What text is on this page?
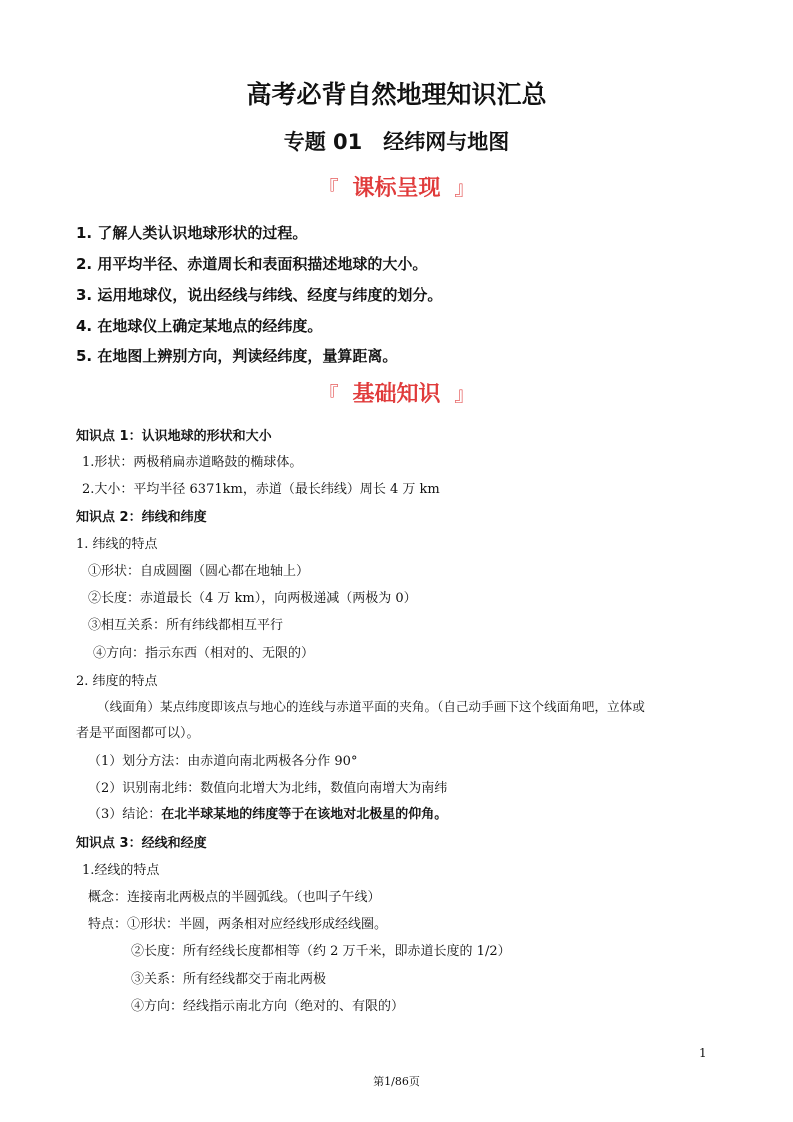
高考必背自然地理知识汇总
专题 01　经纬网与地图
『 课标呈现 』
1. 了解人类认识地球形状的过程。
2. 用平均半径、赤道周长和表面积描述地球的大小。
3. 运用地球仪，说出经线与纬线、经度与纬度的划分。
4. 在地球仪上确定某地点的经纬度。
5. 在地图上辨别方向，判读经纬度，量算距离。
『 基础知识 』
知识点 1：认识地球的形状和大小
1.形状：两极稍扁赤道略鼓的椭球体。
2.大小：平均半径 6371km，赤道（最长纬线）周长 4 万 km
知识点 2：纬线和纬度
1. 纬线的特点
①形状：自成圆圈（圆心都在地轴上）
②长度：赤道最长（4 万 km），向两极递减（两极为 0）
③相互关系：所有纬线都相互平行
④方向：指示东西（相对的、无限的）
2. 纬度的特点
（线面角）某点纬度即该点与地心的连线与赤道平面的夹角。（自己动手画下这个线面角吧，立体或
者是平面图都可以）。
（1）划分方法：由赤道向南北两极各分作 90°
（2）识别南北纬：数值向北增大为北纬，数值向南增大为南纬
（3）结论：在北半球某地的纬度等于在该地对北极星的仰角。
知识点 3：经线和经度
1.经线的特点
概念：连接南北两极点的半圆弧线。（也叫子午线）
特点：①形状：半圆，两条相对应经线形成经线圈。
②长度：所有经线长度都相等（约 2 万千米，即赤道长度的 1/2）
③关系：所有经线都交于南北两极
④方向：经线指示南北方向（绝对的、有限的）
1
第1/86页
